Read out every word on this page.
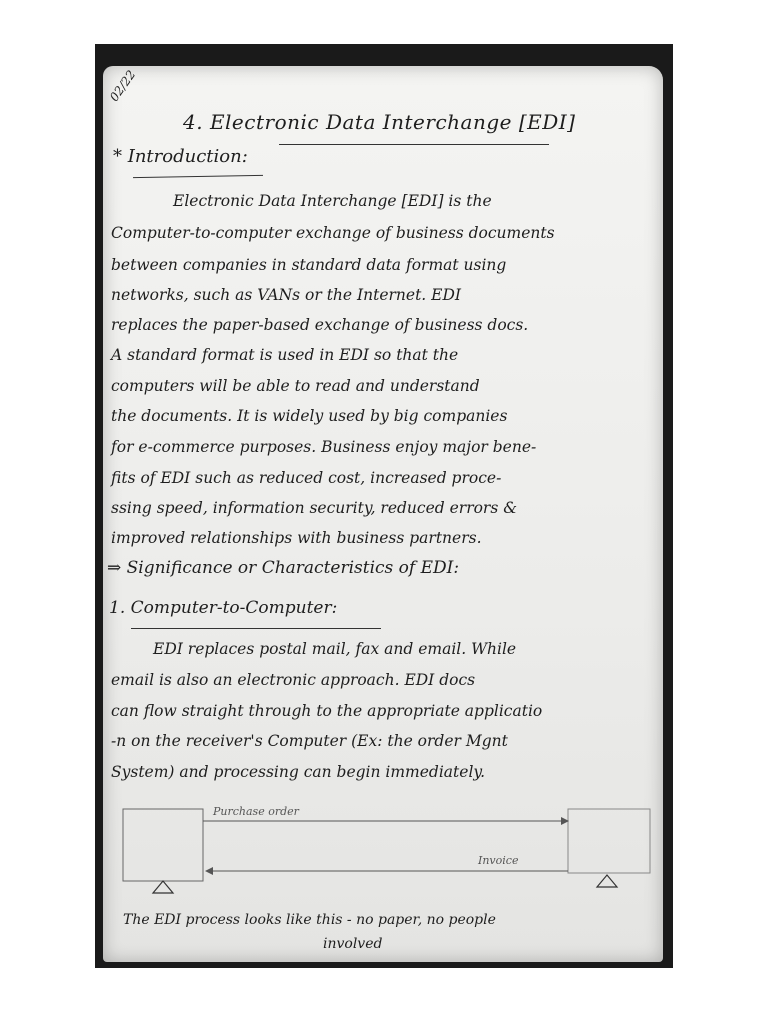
02/22
4. Electronic Data Interchange [EDI]
* Introduction:
Electronic Data Interchange [EDI] is the
Computer-to-computer exchange of business documents
between companies in standard data format using
networks, such as VANs or the Internet. EDI
replaces the paper-based exchange of business docs.
A standard format is used in EDI so that the
computers will be able to read and understand
the documents. It is widely used by big companies
for e-commerce purposes. Business enjoy major bene-
fits of EDI such as reduced cost, increased proce-
ssing speed, information security, reduced errors &
improved relationships with business partners.
⇒ Significance or Characteristics of EDI:
1. Computer-to-Computer:
EDI replaces postal mail, fax and email. While
email is also an electronic approach. EDI docs
can flow straight through to the appropriate applicatio
-n on the receiver's Computer (Ex: the order Mgnt
System) and processing can begin immediately.
Purchase order
Invoice
The EDI process looks like this - no paper, no people
involved
